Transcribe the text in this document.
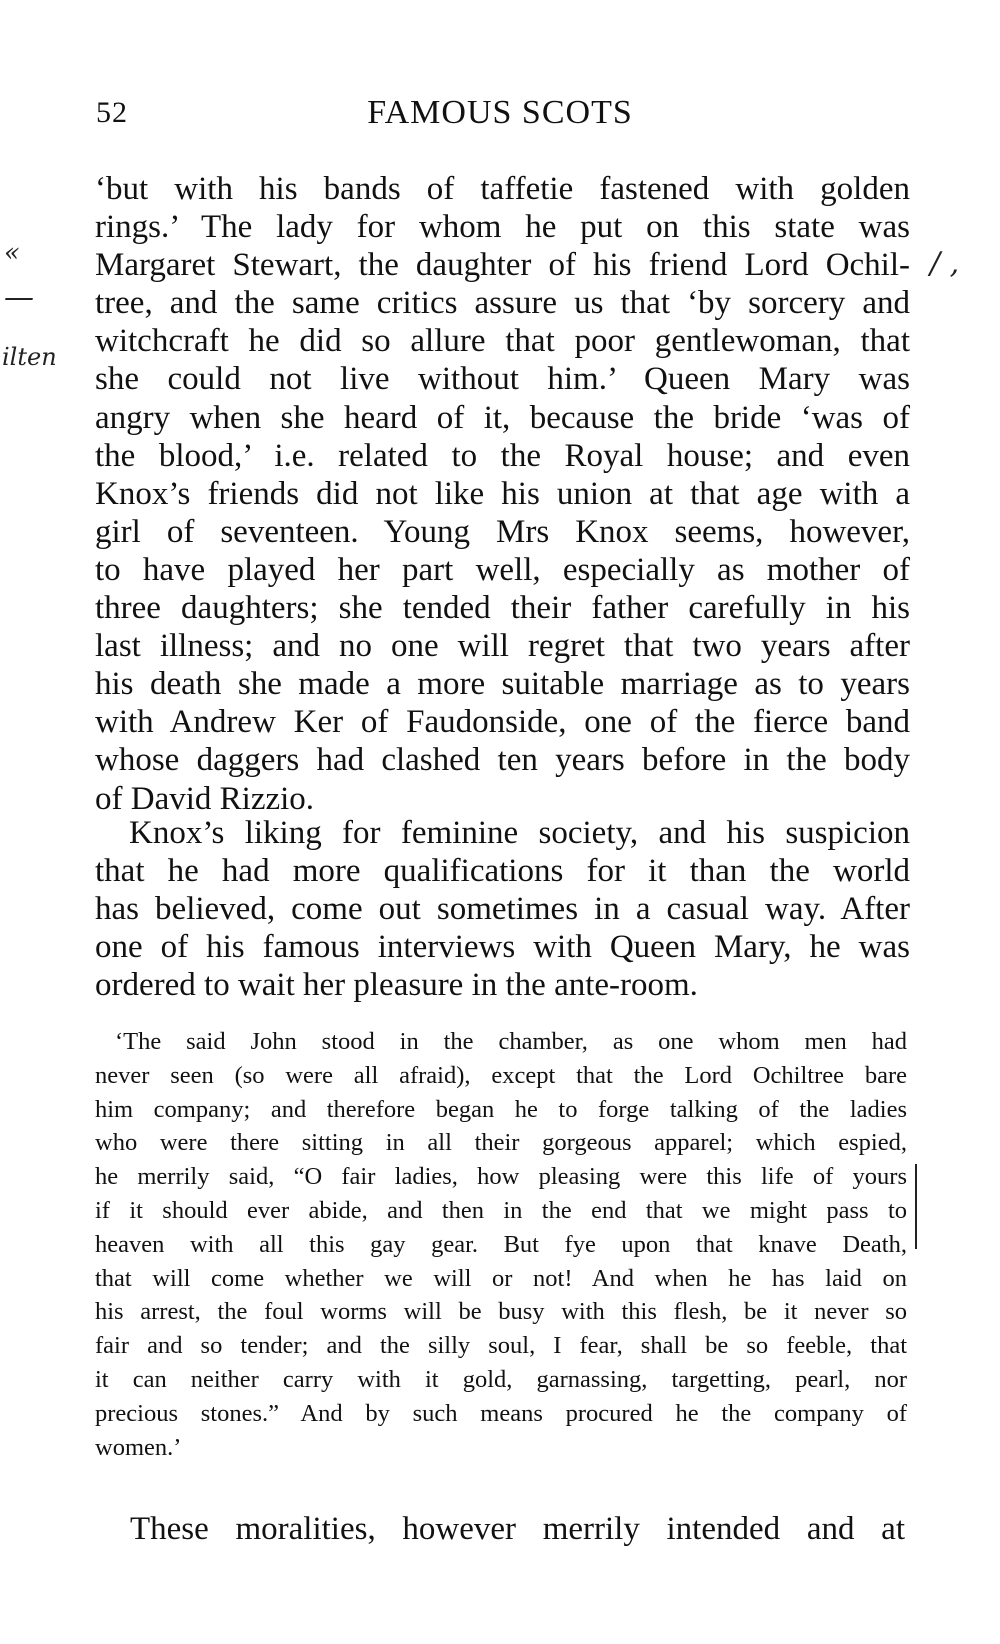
52	FAMOUS SCOTS
«
—
ilten
/ ,
‘but with his bands of taffetie fastened with golden
rings.’ The lady for whom he put on this state was
Margaret Stewart, the daughter of his friend Lord Ochil-
tree, and the same critics assure us that ‘by sorcery and
witchcraft he did so allure that poor gentlewoman, that
she could not live without him.’ Queen Mary was
angry when she heard of it, because the bride ‘was of
the blood,’ i.e. related to the Royal house; and even
Knox’s friends did not like his union at that age with a
girl of seventeen. Young Mrs Knox seems, however,
to have played her part well, especially as mother of
three daughters; she tended their father carefully in his
last illness; and no one will regret that two years after
his death she made a more suitable marriage as to years
with Andrew Ker of Faudonside, one of the fierce band
whose daggers had clashed ten years before in the body
of David Rizzio.
Knox’s liking for feminine society, and his suspicion
that he had more qualifications for it than the world
has believed, come out sometimes in a casual way. After
one of his famous interviews with Queen Mary, he was
ordered to wait her pleasure in the ante-room.
‘The said John stood in the chamber, as one whom men had
never seen (so were all afraid), except that the Lord Ochiltree bare
him company; and therefore began he to forge talking of the ladies
who were there sitting in all their gorgeous apparel; which espied,
he merrily said, “O fair ladies, how pleasing were this life of yours
if it should ever abide, and then in the end that we might pass to
heaven with all this gay gear. But fye upon that knave Death,
that will come whether we will or not! And when he has laid on
his arrest, the foul worms will be busy with this flesh, be it never so
fair and so tender; and the silly soul, I fear, shall be so feeble, that
it can neither carry with it gold, garnassing, targetting, pearl, nor
precious stones.” And by such means procured he the company of
women.’
These moralities, however merrily intended and at
